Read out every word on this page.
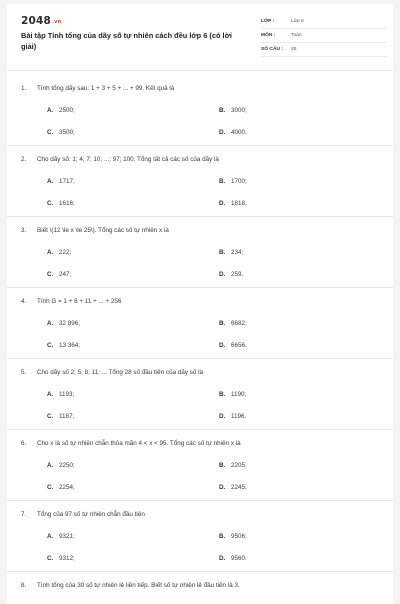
2048.vn
Bài tập Tính tổng của dãy số tự nhiên cách đều lớp 6 (có lời giải)
LỚP :	Lớp 6
MÔN :	Toán
SỐ CÂU : 25
1. Tính tổng dãy sau: 1 + 3 + 5 + ... + 99. Kết quả là
A. 2500;	B. 3000;
C. 3500;	D. 4000.
2. Cho dãy số: 1; 4; 7; 10; ...; 97; 100. Tổng tất cả các số của dãy là
A. 1717;	B. 1700;
C. 1616;	D. 1818.
3. Biết \(12 \le x \le 25\). Tổng các số tự nhiên x là
A. 222;	B. 234;
C. 247;	D. 259.
4. Tính G = 1 + 6 + 11 + ... + 256
A. 32 896;	B. 6682;
C. 13 364;	D. 6656.
5. Cho dãy số 2; 5; 8; 11; ... Tổng 28 số đầu tiên của dãy số là
A. 1193;	B. 1190;
C. 1187;	D. 1196.
6. Cho x là số tự nhiên chẵn thỏa mãn 4 < x < 95. Tổng các số tự nhiên x là
A. 2250;	B. 2205;
C. 2254;	D. 2245.
7. Tổng của 97 số tự nhiên chẵn đầu tiên
A. 9321;	B. 9506;
C. 9312;	D. 9560.
8. Tính tổng của 30 số tự nhiên lẻ liên tiếp. Biết số tự nhiên lẻ đầu tiên là 3.
